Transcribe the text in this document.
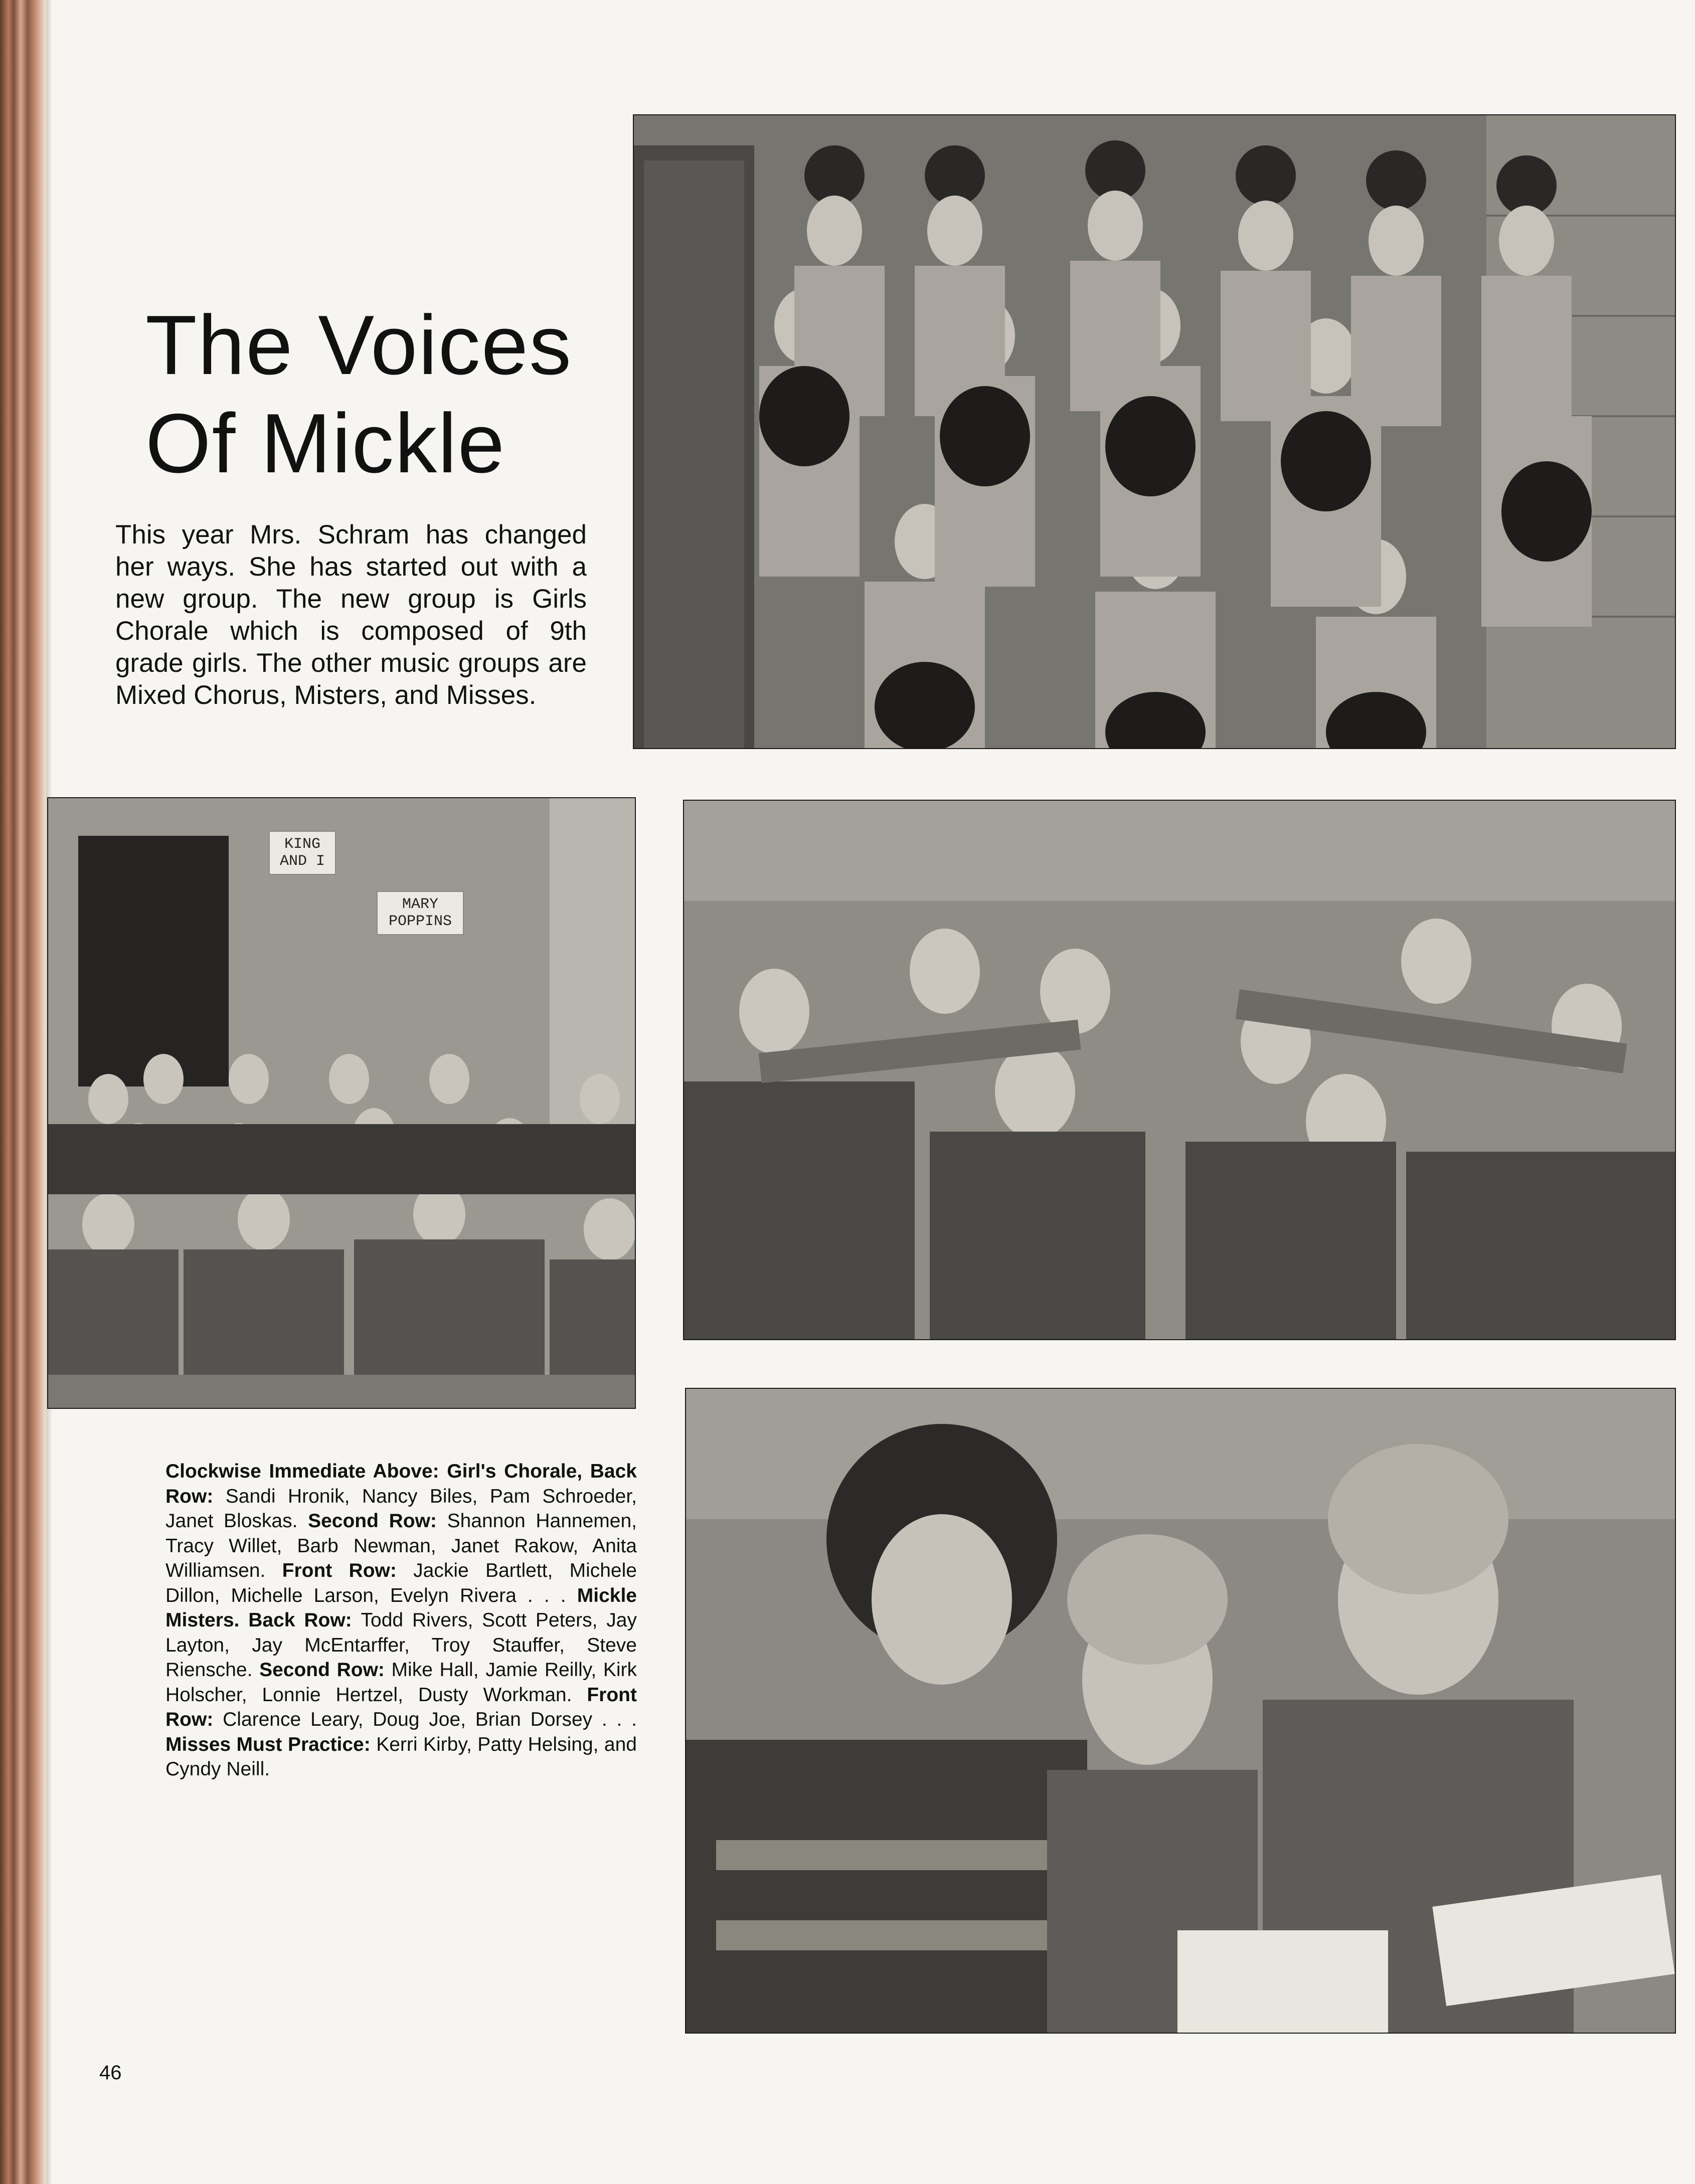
The Voices
Of Mickle

This year Mrs. Schram has changed her ways. She has started out with a new group. The new group is Girls Chorale which is composed of 9th grade girls. The other music groups are Mixed Chorus, Misters, and Misses.

KING AND I
MARY POPPINS

Clockwise Immediate Above: Girl's Chorale, Back Row: Sandi Hronik, Nancy Biles, Pam Schroeder, Janet Bloskas. Second Row: Shannon Hannemen, Tracy Willet, Barb Newman, Janet Rakow, Anita Williamsen. Front Row: Jackie Bartlett, Michele Dillon, Michelle Larson, Evelyn Rivera . . . Mickle Misters. Back Row: Todd Rivers, Scott Peters, Jay Layton, Jay McEntarffer, Troy Stauffer, Steve Riensche. Second Row: Mike Hall, Jamie Reilly, Kirk Holscher, Lonnie Hertzel, Dusty Workman. Front Row: Clarence Leary, Doug Joe, Brian Dorsey . . . Misses Must Practice: Kerri Kirby, Patty Helsing, and Cyndy Neill.

46
